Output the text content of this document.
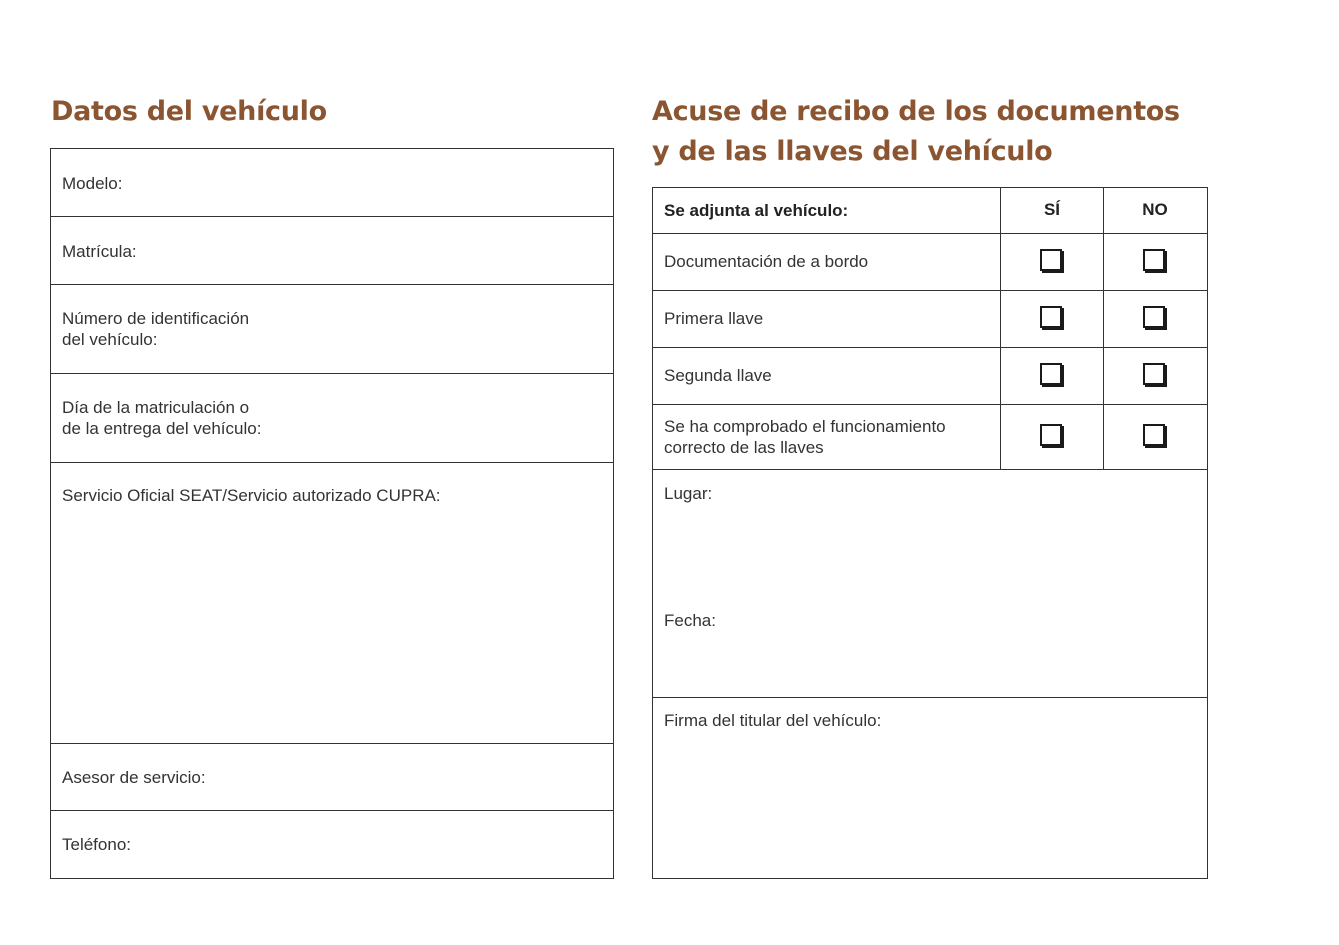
Datos del vehículo
Modelo:
Matrícula:
Número de identificación
del vehículo:
Día de la matriculación o
de la entrega del vehículo:
Servicio Oficial SEAT/Servicio autorizado CUPRA:
Asesor de servicio:
Teléfono:
Acuse de recibo de los documentos
y de las llaves del vehículo
Se adjunta al vehículo:	SÍ	NO
Documentación de a bordo
Primera llave
Segunda llave
Se ha comprobado el funcionamiento
correcto de las llaves
Lugar:
Fecha:
Firma del titular del vehículo:
